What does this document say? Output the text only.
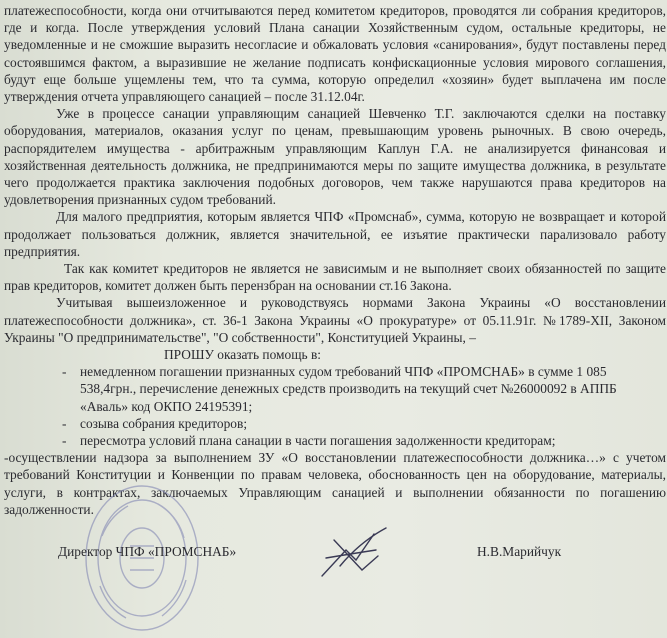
платежеспособности, когда они отчитываются перед комитетом кредиторов, проводятся ли собрания кредиторов, где и когда. После утверждения условий Плана санации Хозяйственным судом, остальные кредиторы, не уведомленные и не сможшие выразить несогласие и обжаловать условия «санирования», будут поставлены перед состоявшимся фактом, а выразившие не желание подписать конфискационные условия мирового соглашения, будут еще больше ущемлены тем, что та сумма, которую определил «хозяин» будет выплачена им после утверждения отчета управляющего санацией – после 31.12.04г.

Уже в процессе санации управляющим санацией Шевченко Т.Г. заключаются сделки на поставку оборудования, материалов, оказания услуг по ценам, превышающим уровень рыночных. В свою очередь, распорядителем имущества - арбитражным управляющим Каплун Г.А. не анализируется финансовая и хозяйственная деятельность должника, не предпринимаются меры по защите имущества должника, в результате чего продолжается практика заключения подобных договоров, чем также нарушаются права кредиторов на удовлетворения признанных судом требований.

Для малого предприятия, которым является ЧПФ «Промснаб», сумма, которую не возвращает и которой продолжает пользоваться должник, является значительной, ее изъятие практически парализовало работу предприятия.

Так как комитет кредиторов не является не зависимым и не выполняет своих обязанностей по защите прав кредиторов, комитет должен быть перензбран на основании ст.16 Закона.

Учитывая вышеизложенное и руководствуясь нормами Закона Украины «О восстановлении платежеспособности должника», ст. 36-1 Закона Украины «О прокуратуре» от 05.11.91г. №1789-XII, Законом Украины "О предпринимательстве", "О собственности", Конституцией Украины, –

ПРОШУ оказать помощь в:

- немедленном погашении признанных судом требований ЧПФ «ПРОМСНАБ» в сумме 1 085 538,4грн., перечисление денежных средств производить на текущий счет №26000092 в АППБ «Аваль» код ОКПО 24195391;

- созыва собрания кредиторов;

- пересмотра условий плана санации в части погашения задолженности кредиторам;

-осуществлении надзора за выполнением ЗУ «О восстановлении платежеспособности должника…» с учетом требований Конституции и Конвенции по правам человека, обоснованность цен на оборудование, материалы, услуги, в контрактах, заключаемых Управляющим санацией и выполнении обязанности по погашению задолженности.

Директор ЧПФ «ПРОМСНАБ»	Н.В.Марийчук
